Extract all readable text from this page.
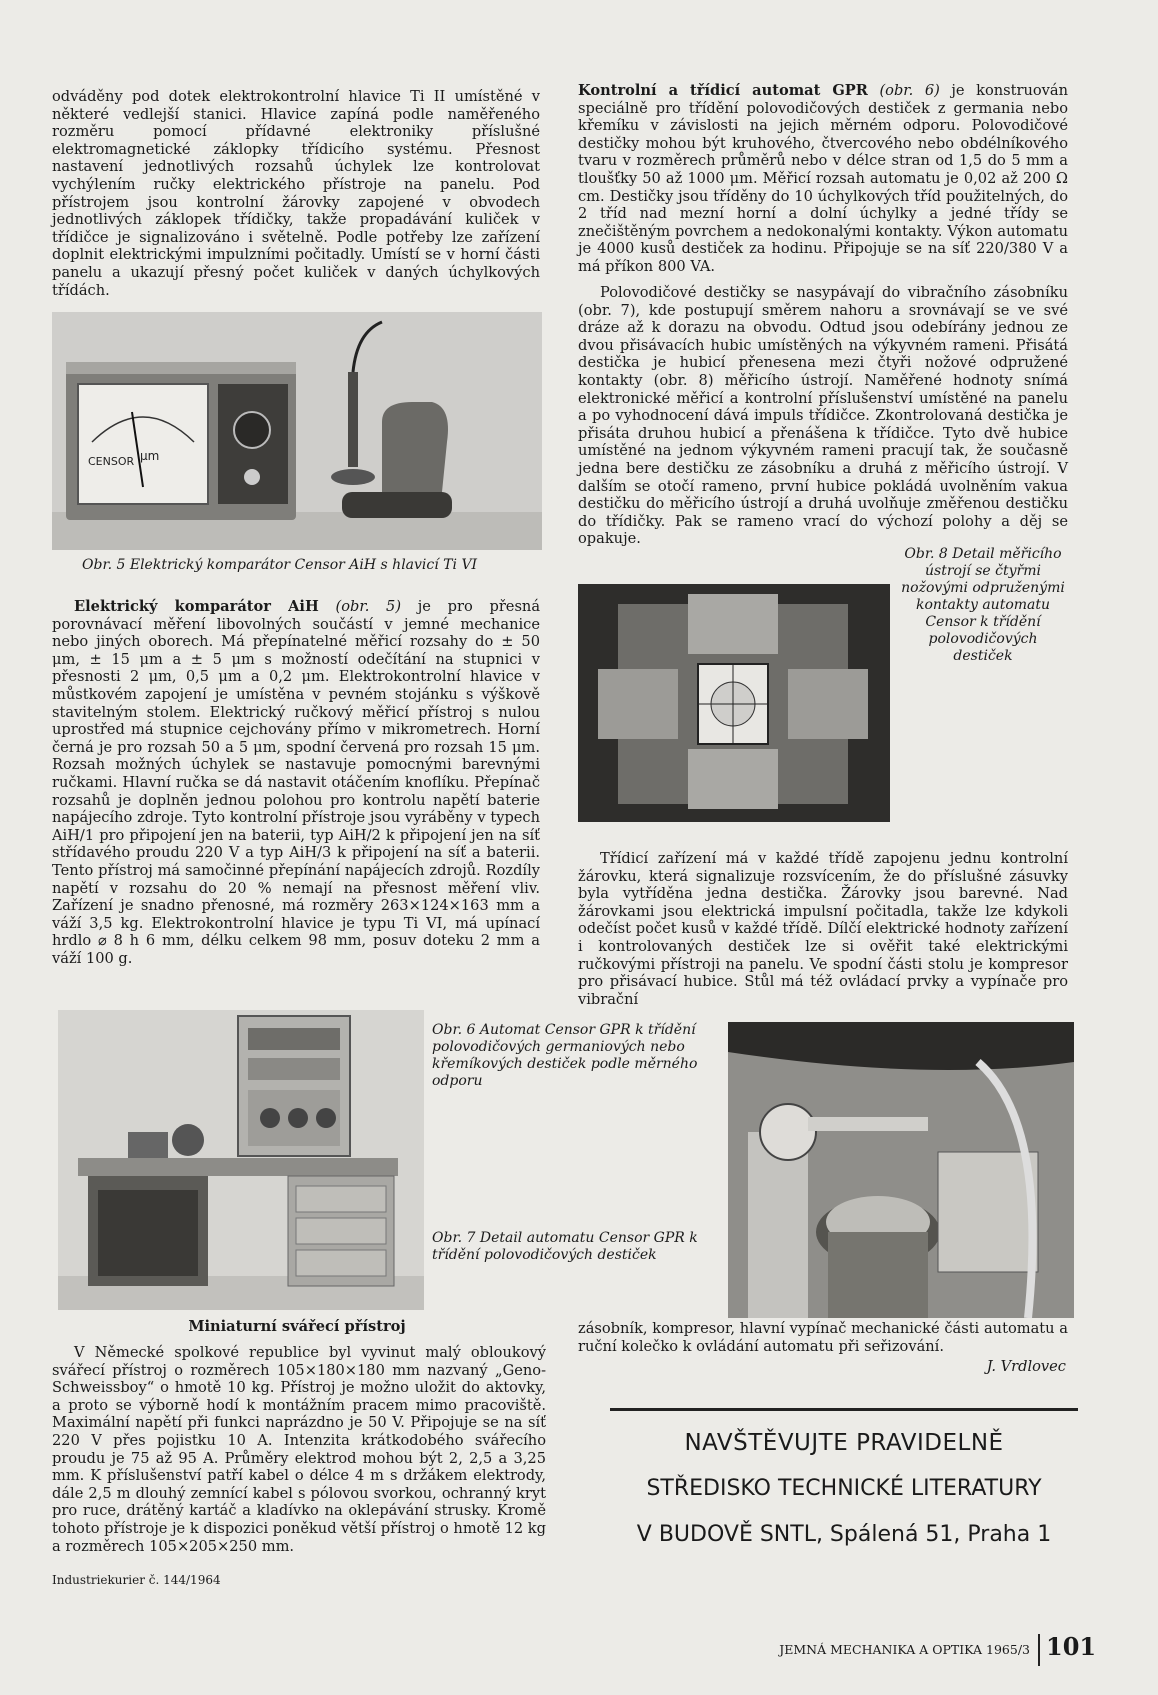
odváděny pod dotek elektrokontrolní hlavice Ti II umístěné v některé vedlejší stanici. Hlavice zapíná podle naměřeného rozměru pomocí přídavné elektroniky příslušné elektromagnetické záklopky třídicího systému. Přesnost nastavení jednotlivých rozsahů úchylek lze kontrolovat vychýlením ručky elektrického přístroje na panelu. Pod přístrojem jsou kontrolní žárovky zapojené v obvodech jednotlivých záklopek třídičky, takže propadávání kuliček v třídičce je signalizováno i světelně. Podle potřeby lze zařízení doplnit elektrickými impulzními počitadly. Umístí se v horní části panelu a ukazují přesný počet kuliček v daných úchylkových třídách.

CENSOR μm

Obr. 5 Elektrický komparátor Censor AiH s hlavicí Ti VI

Elektrický komparátor AiH (obr. 5) je pro přesná porovnávací měření libovolných součástí v jemné mechanice nebo jiných oborech. Má přepínatelné měřicí rozsahy do ± 50 μm, ± 15 μm a ± 5 μm s možností odečítání na stupnici v přesnosti 2 μm, 0,5 μm a 0,2 μm. Elektrokontrolní hlavice v můstkovém zapojení je umístěna v pevném stojánku s výškově stavitelným stolem. Elektrický ručkový měřicí přístroj s nulou uprostřed má stupnice cejchovány přímo v mikrometrech. Horní černá je pro rozsah 50 a 5 μm, spodní červená pro rozsah 15 μm. Rozsah možných úchylek se nastavuje pomocnými barevnými ručkami. Hlavní ručka se dá nastavit otáčením knoflíku. Přepínač rozsahů je doplněn jednou polohou pro kontrolu napětí baterie napájecího zdroje. Tyto kontrolní přístroje jsou vyráběny v typech AiH/1 pro připojení jen na baterii, typ AiH/2 k připojení jen na síť střídavého proudu 220 V a typ AiH/3 k připojení na síť a baterii. Tento přístroj má samočinné přepínání napájecích zdrojů. Rozdíly napětí v rozsahu do 20 % nemají na přesnost měření vliv. Zařízení je snadno přenosné, má rozměry 263×124×163 mm a váží 3,5 kg. Elektrokontrolní hlavice je typu Ti VI, má upínací hrdlo ⌀ 8 h 6 mm, délku celkem 98 mm, posuv doteku 2 mm a váží 100 g.

Miniaturní svářecí přístroj

V Německé spolkové republice byl vyvinut malý obloukový svářecí přístroj o rozměrech 105×180×180 mm nazvaný „Geno-Schweissboy“ o hmotě 10 kg. Přístroj je možno uložit do aktovky, a proto se výborně hodí k montážním pracem mimo pracoviště. Maximální napětí při funkci naprázdno je 50 V. Připojuje se na síť 220 V přes pojistku 10 A. Intenzita krátkodobého svářecího proudu je 75 až 95 A. Průměry elektrod mohou být 2, 2,5 a 3,25 mm. K příslušenství patří kabel o délce 4 m s držákem elektrody, dále 2,5 m dlouhý zemnící kabel s pólovou svorkou, ochranný kryt pro ruce, drátěný kartáč a kladívko na oklepávání strusky. Kromě tohoto přístroje je k dispozici poněkud větší přístroj o hmotě 12 kg a rozměrech 105×205×250 mm.

Industriekurier č. 144/1964

Kontrolní a třídicí automat GPR (obr. 6) je konstruován speciálně pro třídění polovodičových destiček z germania nebo křemíku v závislosti na jejich měrném odporu. Polovodičové destičky mohou být kruhového, čtvercového nebo obdélníkového tvaru v rozměrech průměrů nebo v délce stran od 1,5 do 5 mm a tloušťky 50 až 1000 μm. Měřicí rozsah automatu je 0,02 až 200 Ω cm. Destičky jsou tříděny do 10 úchylkových tříd použitelných, do 2 tříd nad mezní horní a dolní úchylky a jedné třídy se znečištěným povrchem a nedokonalými kontakty. Výkon automatu je 4000 kusů destiček za hodinu. Připojuje se na síť 220/380 V a má příkon 800 VA.

Polovodičové destičky se nasypávají do vibračního zásobníku (obr. 7), kde postupují směrem nahoru a srovnávají se ve své dráze až k dorazu na obvodu. Odtud jsou odebírány jednou ze dvou přisávacích hubic umístěných na výkyvném rameni. Přisátá destička je hubicí přenesena mezi čtyři nožové odpružené kontakty (obr. 8) měřicího ústrojí. Naměřené hodnoty snímá elektronické měřicí a kontrolní příslušenství umístěné na panelu a po vyhodnocení dává impuls třídičce. Zkontrolovaná destička je přisáta druhou hubicí a přenášena k třídičce. Tyto dvě hubice umístěné na jednom výkyvném rameni pracují tak, že současně jedna bere destičku ze zásobníku a druhá z měřicího ústrojí. V dalším se otočí rameno, první hubice pokládá uvolněním vakua destičku do měřicího ústrojí a druhá uvolňuje změřenou destičku do třídičky. Pak se rameno vrací do výchozí polohy a děj se opakuje.

Obr. 8 Detail měřicího ústrojí se čtyřmi nožovými odpruženými kontakty automatu Censor k třídění polovodičových destiček

Třídicí zařízení má v každé třídě zapojenu jednu kontrolní žárovku, která signalizuje rozsvícením, že do příslušné zásuvky byla vytříděna jedna destička. Žárovky jsou barevné. Nad žárovkami jsou elektrická impulsní počitadla, takže lze kdykoli odečíst počet kusů v každé třídě. Dílčí elektrické hodnoty zařízení i kontrolovaných destiček lze si ověřit také elektrickými ručkovými přístroji na panelu. Ve spodní části stolu je kompresor pro přisávací hubice. Stůl má též ovládací prvky a vypínače pro vibrační

Obr. 6 Automat Censor GPR k třídění polovodičových germaniových nebo křemíkových destiček podle měrného odporu

Obr. 7 Detail automatu Censor GPR k třídění polovodičových destiček

zásobník, kompresor, hlavní vypínač mechanické části automatu a ruční kolečko k ovládání automatu při seřizování.

J. Vrdlovec
NAVŠTĚVUJTE PRAVIDELNĚ
STŘEDISKO TECHNICKÉ LITERATURY
V BUDOVĚ SNTL, Spálená 51, Praha 1
JEMNÁ MECHANIKA A OPTIKA 1965/3 101
